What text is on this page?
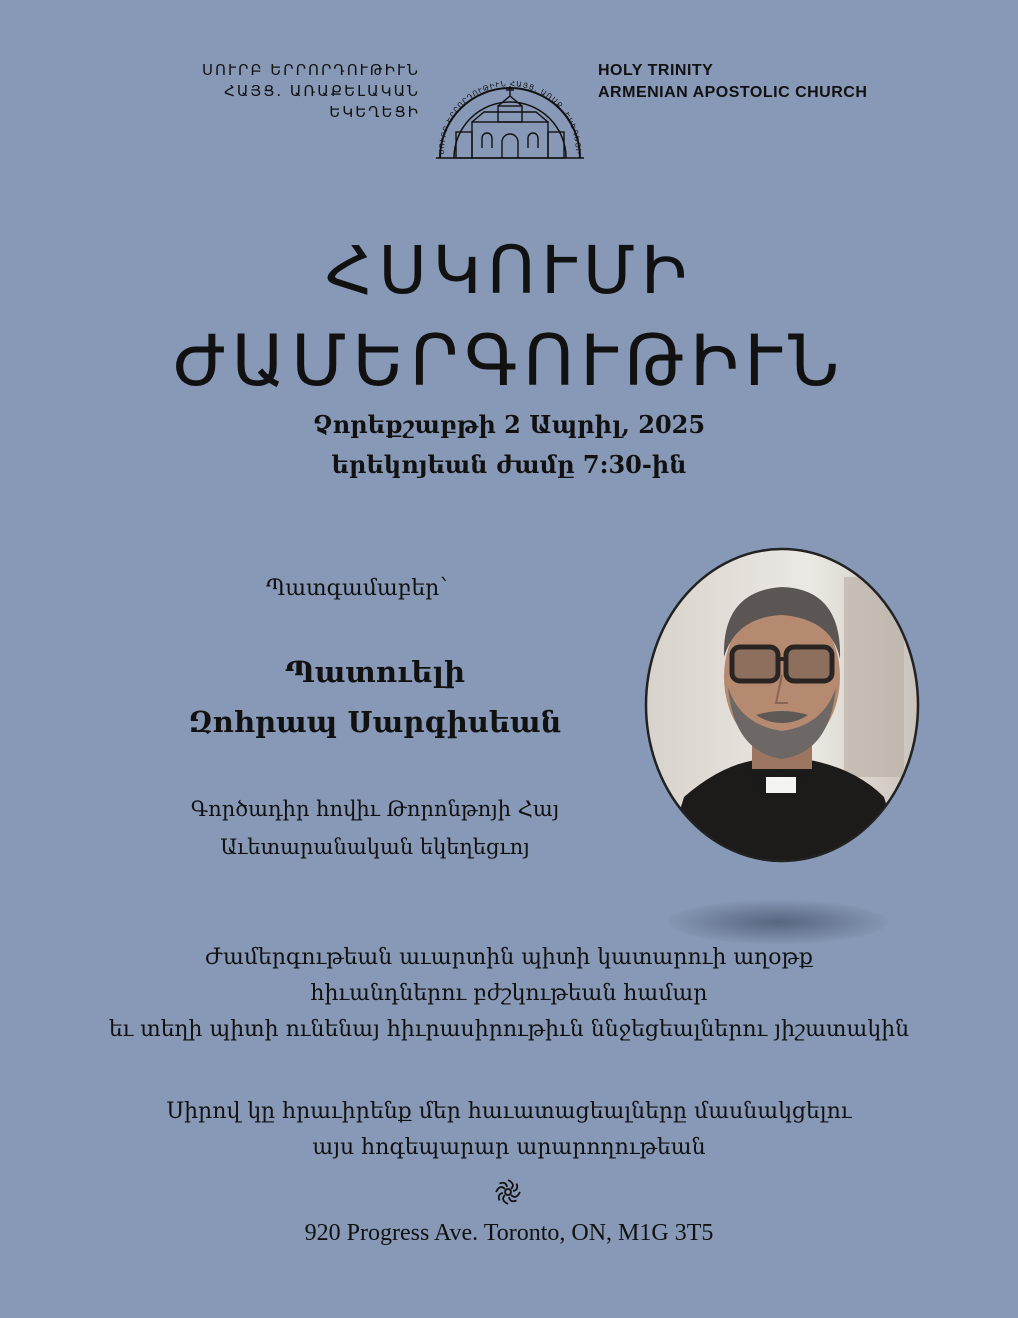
ՍՈՒՐԲ ԵՐՐՈՐԴՈՒԹԻՒՆ
ՀԱՅՑ. ԱՌԱՔԵԼԱԿԱՆ ԵԿԵՂԵՑԻ
ՍՈՒՐԲ ԵՐՐՈՐԴՈՒԹԻՒՆ ՀԱՅՑ. ԱՌԱՔ. ԵԿԵՂԵՑԻ
HOLY TRINITY
ARMENIAN APOSTOLIC CHURCH
ՀՍԿՈՒՄԻ
ԺԱՄԵՐԳՈՒԹԻՒՆ
Չորեքշաբթի 2 Ապրիլ, 2025
երեկոյեան ժամը 7:30-ին
Պատգամաբեր՝
Պատուելի
Զոհրապ Սարգիսեան
Գործադիր հովիւ Թորոնթոյի Հայ
Աւետարանական եկեղեցւոյ
Ժամերգութեան աւարտին պիտի կատարուի աղօթք
հիւանդներու բժշկութեան համար
եւ տեղի պիտի ունենայ հիւրասիրութիւն ննջեցեալներու յիշատակին
Սիրով կը հրաւիրենք մեր հաւատացեալները մասնակցելու
այս հոգեպարար արարողութեան
920 Progress Ave. Toronto, ON, M1G 3T5
